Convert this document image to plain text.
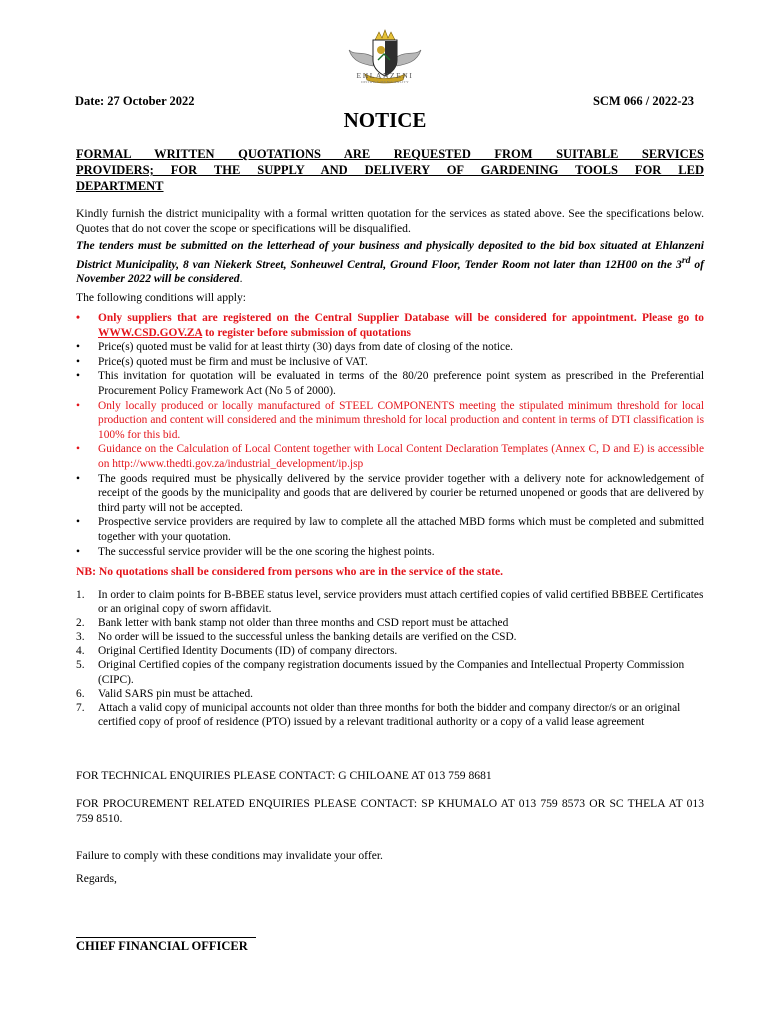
EHLANZENI
DISTRICT MUNICIPALITY
Date: 27 October 2022	SCM 066 / 2022-23
NOTICE
FORMAL WRITTEN QUOTATIONS ARE REQUESTED FROM SUITABLE SERVICES
PROVIDERS; FOR THE SUPPLY AND DELIVERY OF GARDENING TOOLS FOR LED
DEPARTMENT
Kindly furnish the district municipality with a formal written quotation for the services as stated above. See the specifications below. Quotes that do not cover the scope or specifications will be disqualified.
The tenders must be submitted on the letterhead of your business and physically deposited to the bid box situated at Ehlanzeni District Municipality, 8 van Niekerk Street, Sonheuwel Central, Ground Floor, Tender Room not later than 12H00 on the 3rd of November 2022 will be considered.
The following conditions will apply:
• Only suppliers that are registered on the Central Supplier Database will be considered for appointment. Please go to WWW.CSD.GOV.ZA to register before submission of quotations
• Price(s) quoted must be valid for at least thirty (30) days from date of closing of the notice.
• Price(s) quoted must be firm and must be inclusive of VAT.
• This invitation for quotation will be evaluated in terms of the 80/20 preference point system as prescribed in the Preferential Procurement Policy Framework Act (No 5 of 2000).
• Only locally produced or locally manufactured of STEEL COMPONENTS meeting the stipulated minimum threshold for local production and content will considered and the minimum threshold for local production and content in terms of DTI classification is 100% for this bid.
• Guidance on the Calculation of Local Content together with Local Content Declaration Templates (Annex C, D and E) is accessible on http://www.thedti.gov.za/industrial_development/ip.jsp
• The goods required must be physically delivered by the service provider together with a delivery note for acknowledgement of receipt of the goods by the municipality and goods that are delivered by courier be returned unopened or goods that are delivered by third party will not be accepted.
• Prospective service providers are required by law to complete all the attached MBD forms which must be completed and submitted together with your quotation.
• The successful service provider will be the one scoring the highest points.
NB: No quotations shall be considered from persons who are in the service of the state.
1. In order to claim points for B-BBEE status level, service providers must attach certified copies of valid certified BBBEE Certificates or an original copy of sworn affidavit.
2. Bank letter with bank stamp not older than three months and CSD report must be attached
3. No order will be issued to the successful unless the banking details are verified on the CSD.
4. Original Certified Identity Documents (ID) of company directors.
5. Original Certified copies of the company registration documents issued by the Companies and Intellectual Property Commission (CIPC).
6. Valid SARS pin must be attached.
7. Attach a valid copy of municipal accounts not older than three months for both the bidder and company director/s or an original certified copy of proof of residence (PTO) issued by a relevant traditional authority or a copy of a valid lease agreement
FOR TECHNICAL ENQUIRIES PLEASE CONTACT: G CHILOANE AT 013 759 8681
FOR PROCUREMENT RELATED ENQUIRIES PLEASE CONTACT: SP KHUMALO AT 013 759 8573 OR SC THELA AT 013 759 8510.
Failure to comply with these conditions may invalidate your offer.
Regards,
CHIEF FINANCIAL OFFICER
